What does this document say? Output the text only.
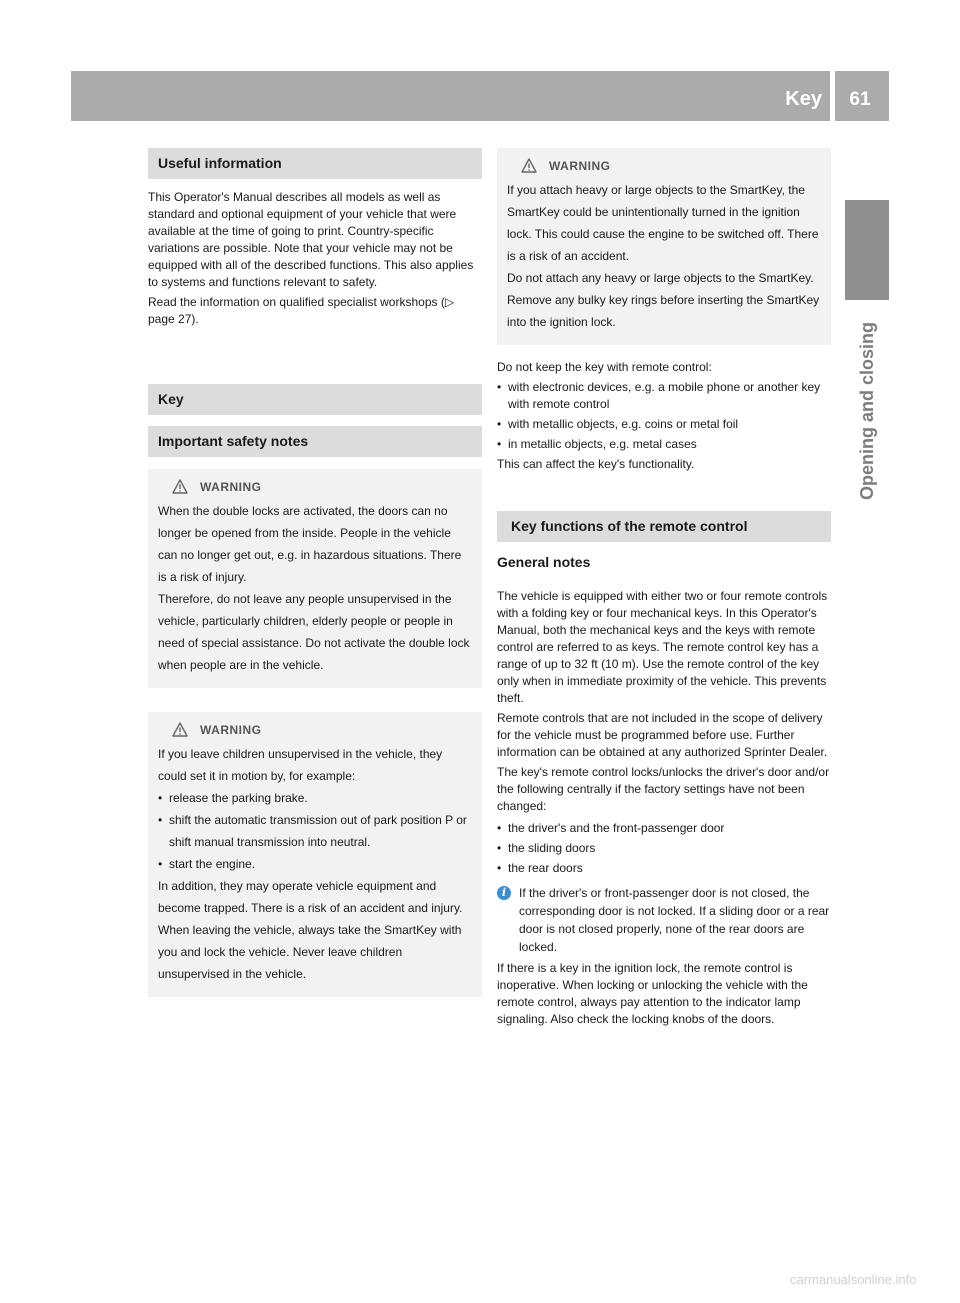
Key	61
Opening and closing
Useful information

This Operator's Manual describes all models as well as standard and optional equipment of your vehicle that were available at the time of going to print. Country-specific variations are possible. Note that your vehicle may not be equipped with all of the described functions. This also applies to systems and functions relevant to safety.

Read the information on qualified specialist workshops (▷ page 27).

Key
Important safety notes
WARNING

When the double locks are activated, the doors can no longer be opened from the inside. People in the vehicle can no longer get out, e.g. in hazardous situations. There is a risk of injury.

Therefore, do not leave any people unsupervised in the vehicle, particularly children, elderly people or people in need of special assistance. Do not activate the double lock when people are in the vehicle.

WARNING

If you leave children unsupervised in the vehicle, they could set it in motion by, for example:

• release the parking brake.
• shift the automatic transmission out of park position P or shift manual transmission into neutral.
• start the engine.

In addition, they may operate vehicle equipment and become trapped. There is a risk of an accident and injury.

When leaving the vehicle, always take the SmartKey with you and lock the vehicle. Never leave children unsupervised in the vehicle.

WARNING

If you attach heavy or large objects to the SmartKey, the SmartKey could be unintentionally turned in the ignition lock. This could cause the engine to be switched off. There is a risk of an accident.

Do not attach any heavy or large objects to the SmartKey. Remove any bulky key rings before inserting the SmartKey into the ignition lock.

Do not keep the key with remote control:

• with electronic devices, e.g. a mobile phone or another key with remote control
• with metallic objects, e.g. coins or metal foil
• in metallic objects, e.g. metal cases

This can affect the key's functionality.

Key functions of the remote control
General notes

The vehicle is equipped with either two or four remote controls with a folding key or four mechanical keys. In this Operator's Manual, both the mechanical keys and the keys with remote control are referred to as keys. The remote control key has a range of up to 32 ft (10 m). Use the remote control of the key only when in immediate proximity of the vehicle. This prevents theft.

Remote controls that are not included in the scope of delivery for the vehicle must be programmed before use. Further information can be obtained at any authorized Sprinter Dealer.

The key's remote control locks/unlocks the driver's door and/or the following centrally if the factory settings have not been changed:

• the driver's and the front-passenger door
• the sliding doors
• the rear doors
i	If the driver's or front-passenger door is not closed, the corresponding door is not locked. If a sliding door or a rear door is not closed properly, none of the rear doors are locked.

If there is a key in the ignition lock, the remote control is inoperative. When locking or unlocking the vehicle with the remote control, always pay attention to the indicator lamp signaling. Also check the locking knobs of the doors.

carmanualsonline.info
